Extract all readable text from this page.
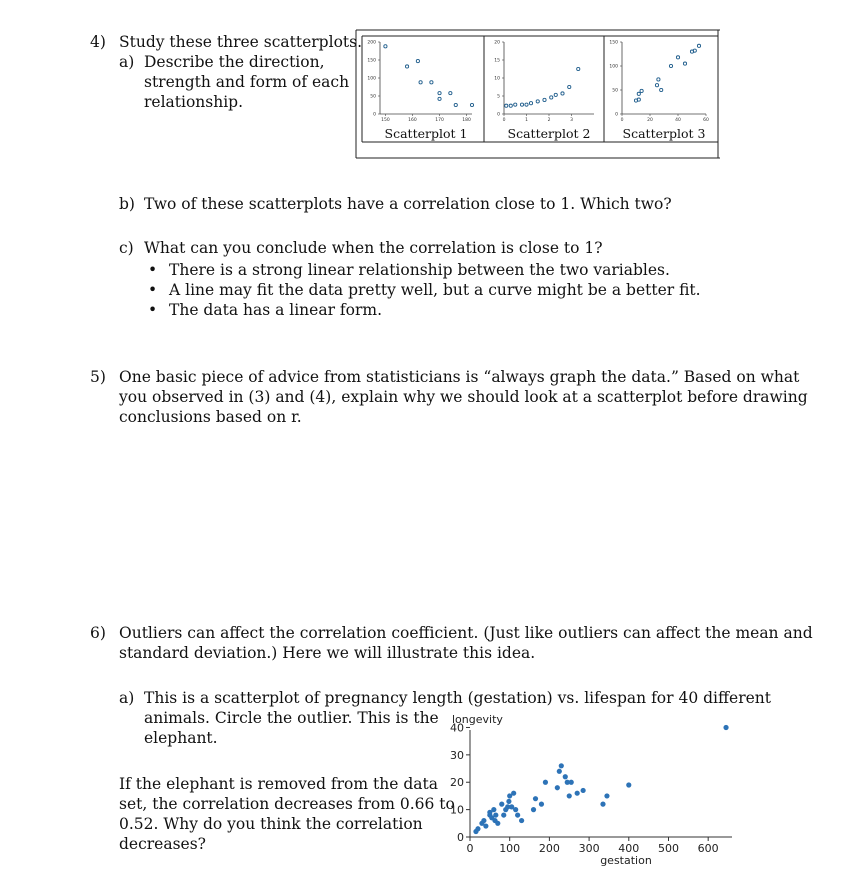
4) Study these three scatterplots.
a) Describe the direction,
strength and form of each
relationship.
0
50
100
150
200
150	160	170	180
Scatterplot 1
0
5
10
15
20
0	1	2	3
Scatterplot 2
0
50
100
150
0	20	40	60
Scatterplot 3
b) Two of these scatterplots have a correlation close to 1. Which two?
c) What can you conclude when the correlation is close to 1?
• There is a strong linear relationship between the two variables.
• A line may fit the data pretty well, but a curve might be a better fit.
• The data has a linear form.
5) One basic piece of advice from statisticians is “always graph the data.” Based on what
you observed in (3) and (4), explain why we should look at a scatterplot before drawing
conclusions based on r.
6) Outliers can affect the correlation coefficient. (Just like outliers can affect the mean and
standard deviation.) Here we will illustrate this idea.
a) This is a scatterplot of pregnancy length (gestation) vs. lifespan for 40 different
animals. Circle the outlier. This is the
elephant.
If the elephant is removed from the data
set, the correlation decreases from 0.66 to
0.52. Why do you think the correlation
decreases?
longevity
0
10
20
30
40
0 100 200 300 400 500 600
gestation
